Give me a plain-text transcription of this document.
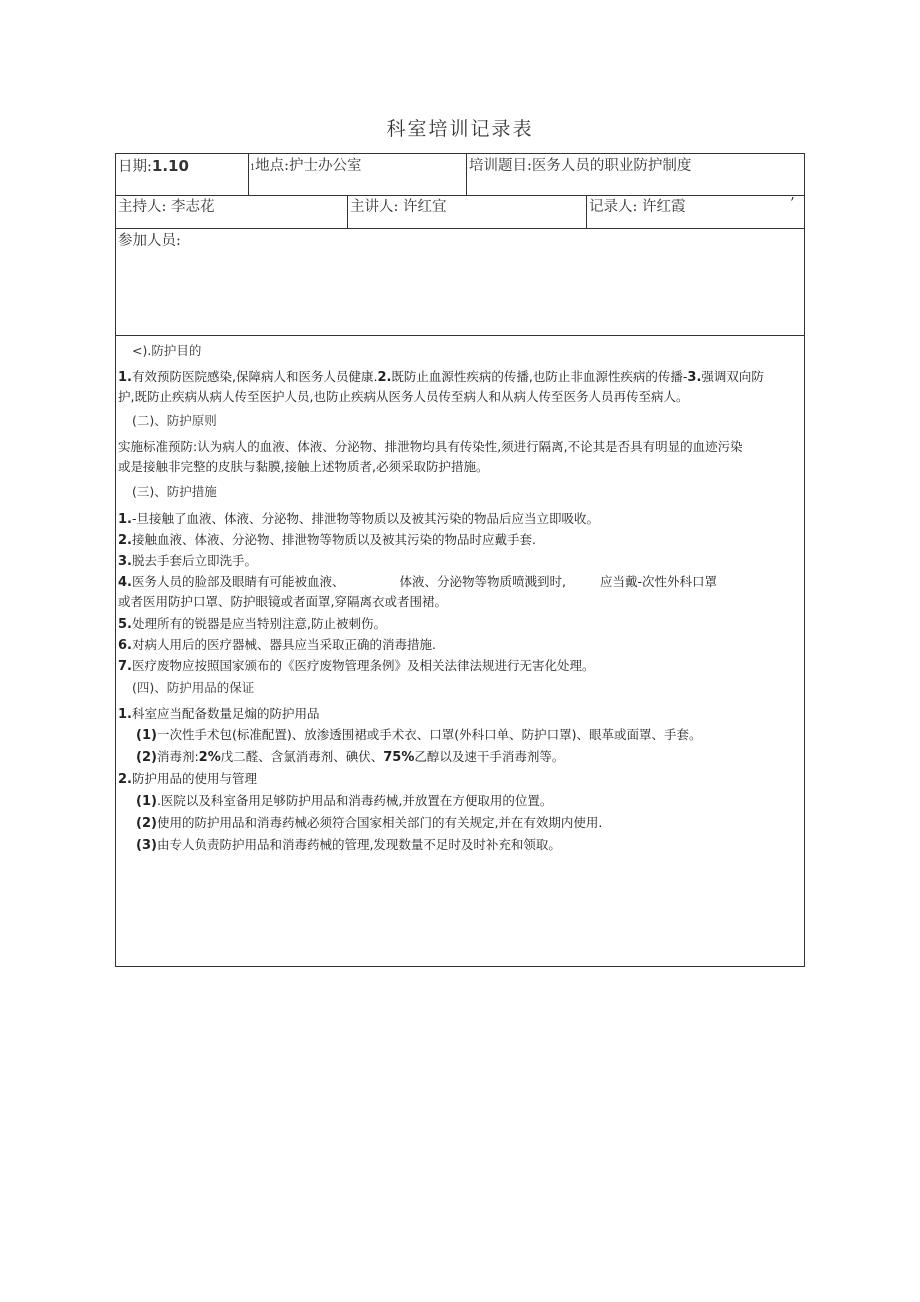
科室培训记录表
日期:1.10	1地点:护士办公室	培训题目:医务人员的职业防护制度
主持人: 李志花	主讲人: 许红宜	记录人: 许红霞	’
参加人员:
<).防护目的
1.有效预防医院感染,保障病人和医务人员健康.2.既防止血源性疾病的传播,也防止非血源性疾病的传播-3.强调双向防
护,既防止疾病从病人传至医护人员,也防止疾病从医务人员传至病人和从病人传至医务人员再传至病人。
(二)、防护原则
实施标准预防:认为病人的血液、体液、分泌物、排泄物均具有传染性,须进行隔离,不论其是否具有明显的血迹污染
或是接触非完整的皮肤与黏膜,接触上述物质者,必须采取防护措施。
(三)、防护措施
1.-旦接触了血液、体液、分泌物、排泄物等物质以及被其污染的物品后应当立即吸收。
2.接触血液、体液、分泌物、排泄物等物质以及被其污染的物品时应戴手套.
3.脱去手套后立即洗手。
4.医务人员的脸部及眼睛有可能被血液、	体液、分泌物等物质喷溅到时,	应当戴-次性外科口罩
或者医用防护口罩、防护眼镜或者面罩,穿隔离衣或者围裙。
5.处理所有的锐器是应当特别注意,防止被刺伤。
6.对病人用后的医疗器械、器具应当采取正确的消毒措施.
7.医疗废物应按照国家颁布的《医疗废物管理条例》及相关法律法规进行无害化处理。
(四)、防护用品的保证
1.科室应当配备数量足煽的防护用品
(1)一次性手术包(标准配置)、放渗透围裙或手术衣、口罩(外科口单、防护口罩)、眼革或面罩、手套。
(2)消毒剂:2%戊二醛、含氯消毒剂、碘伏、75%乙醇以及速干手消毒剂等。
2.防护用品的使用与管理
(1).医院以及科室备用足够防护用品和消毒药械,并放置在方便取用的位置。
(2)使用的防护用品和消毒药械必须符合国家相关部门的有关规定,并在有效期内使用.
(3)由专人负责防护用品和消毒药械的管理,发现数量不足时及时补充和领取。
